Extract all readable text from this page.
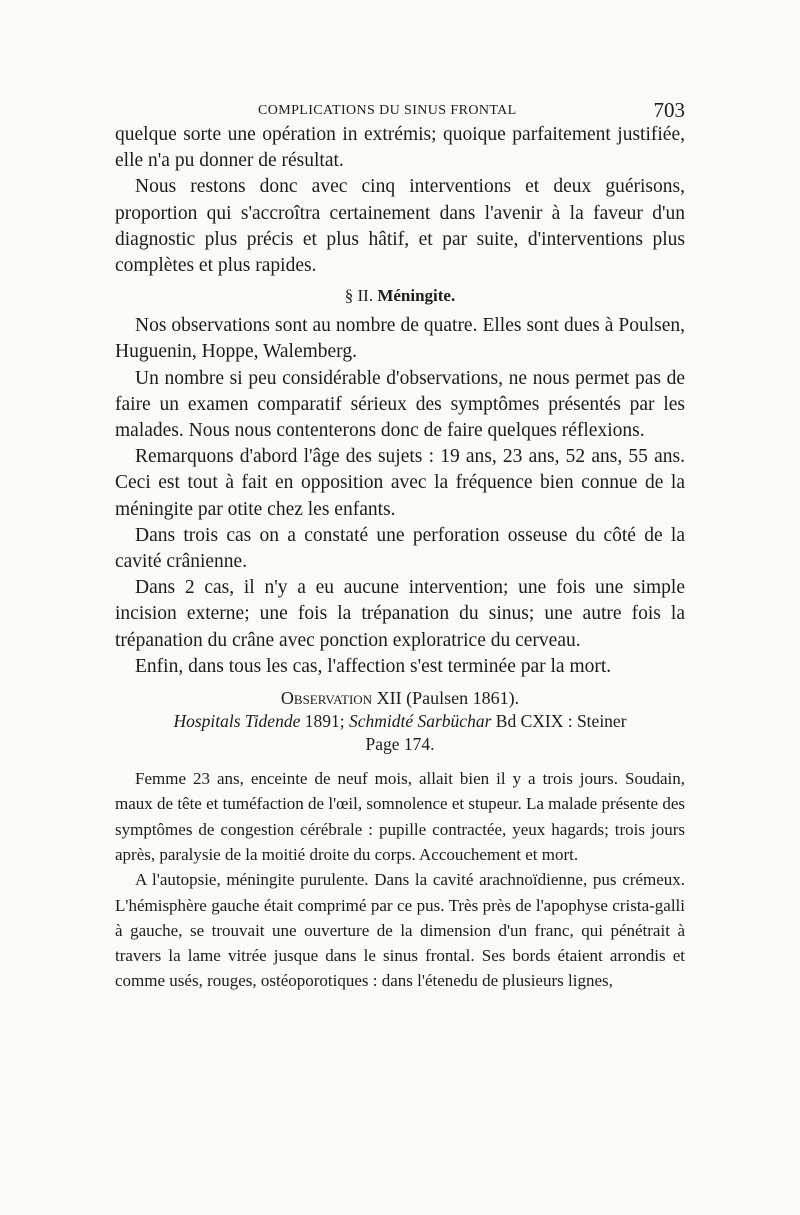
COMPLICATIONS DU SINUS FRONTAL	703

quelque sorte une opération in extrémis; quoique parfaitement justifiée, elle n'a pu donner de résultat.

Nous restons donc avec cinq interventions et deux guérisons, proportion qui s'accroîtra certainement dans l'avenir à la faveur d'un diagnostic plus précis et plus hâtif, et par suite, d'interventions plus complètes et plus rapides.

§ II. Méningite.

Nos observations sont au nombre de quatre. Elles sont dues à Poulsen, Huguenin, Hoppe, Walemberg.

Un nombre si peu considérable d'observations, ne nous permet pas de faire un examen comparatif sérieux des symptômes présentés par les malades. Nous nous contenterons donc de faire quelques réflexions.

Remarquons d'abord l'âge des sujets : 19 ans, 23 ans, 52 ans, 55 ans. Ceci est tout à fait en opposition avec la fréquence bien connue de la méningite par otite chez les enfants.

Dans trois cas on a constaté une perforation osseuse du côté de la cavité crânienne.

Dans 2 cas, il n'y a eu aucune intervention; une fois une simple incision externe; une fois la trépanation du sinus; une autre fois la trépanation du crâne avec ponction exploratrice du cerveau.

Enfin, dans tous les cas, l'affection s'est terminée par la mort.

Observation XII (Paulsen 1861).
Hospitals Tidende 1891; Schmidté Sarbüchar Bd CXIX : Steiner
Page 174.

Femme 23 ans, enceinte de neuf mois, allait bien il y a trois jours. Soudain, maux de tête et tuméfaction de l'œil, somnolence et stupeur. La malade présente des symptômes de congestion cérébrale : pupille contractée, yeux hagards; trois jours après, paralysie de la moitié droite du corps. Accouchement et mort.

A l'autopsie, méningite purulente. Dans la cavité arachnoïdienne, pus crémeux. L'hémisphère gauche était comprimé par ce pus. Très près de l'apophyse crista-galli à gauche, se trouvait une ouverture de la dimension d'un franc, qui pénétrait à travers la lame vitrée jusque dans le sinus frontal. Ses bords étaient arrondis et comme usés, rouges, ostéoporotiques : dans l'étenedu de plusieurs lignes,
